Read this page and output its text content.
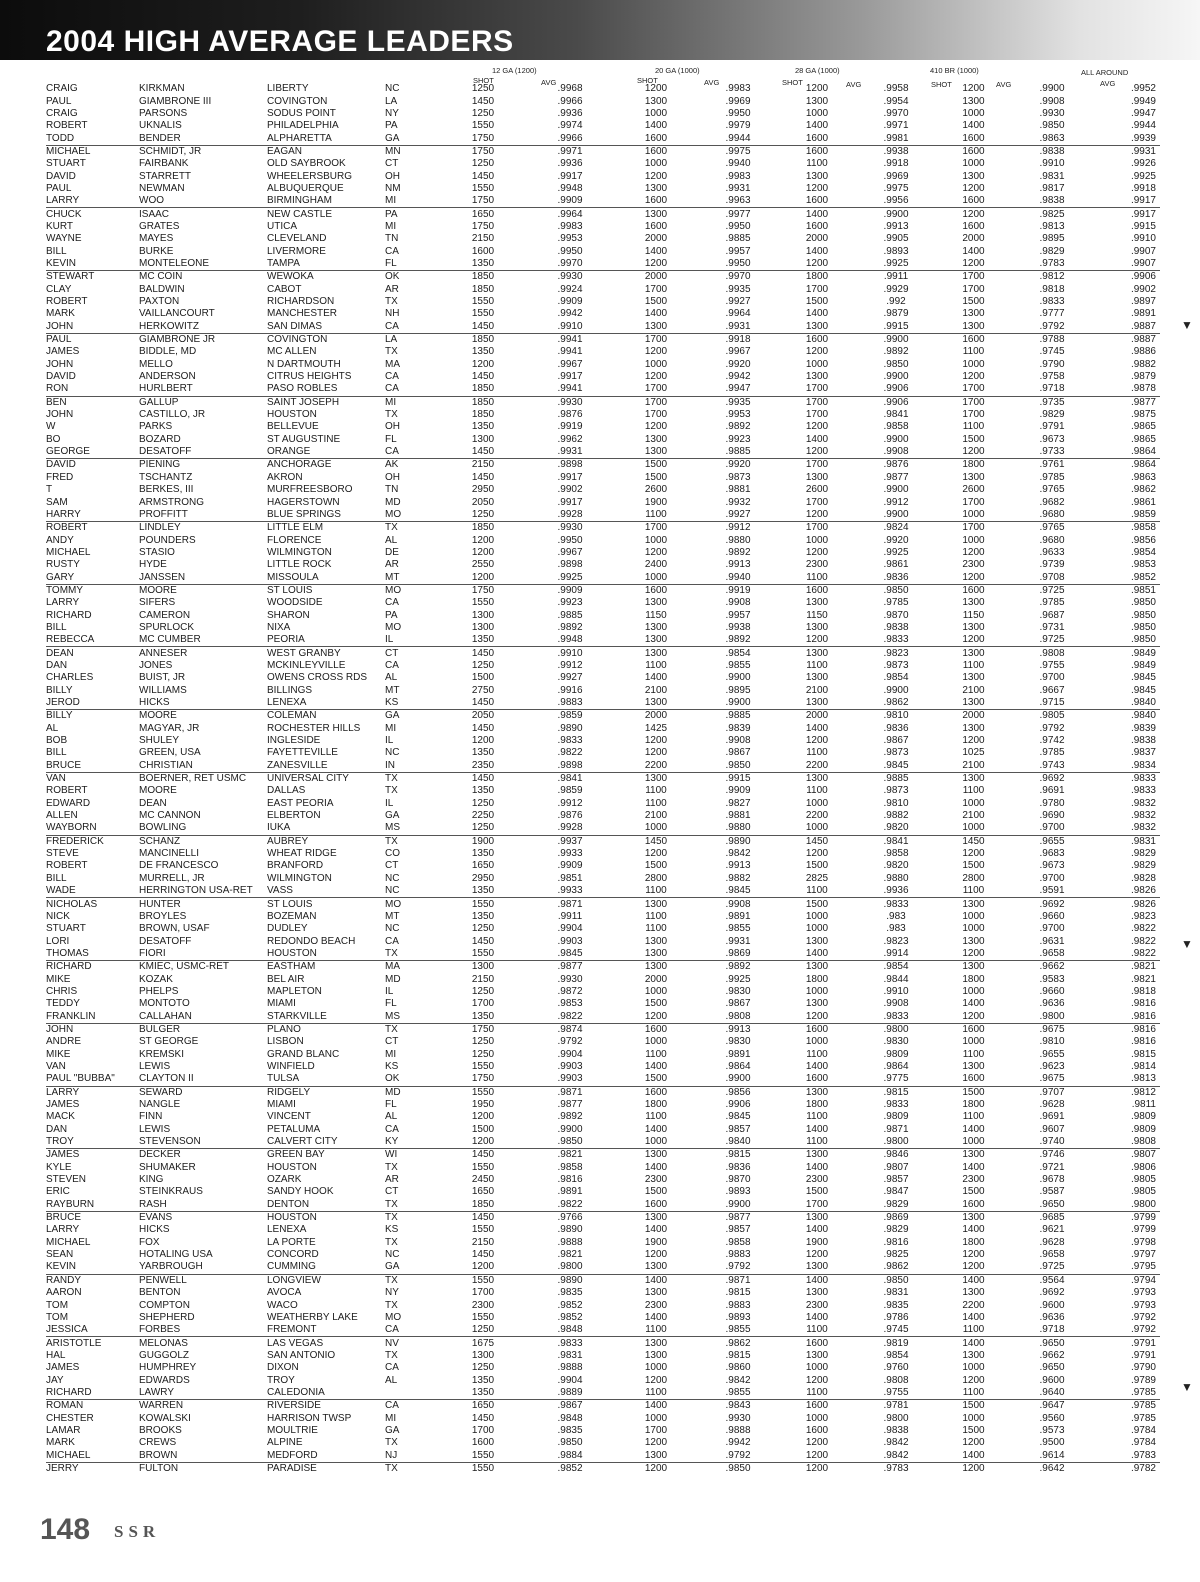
2004 HIGH AVERAGE LEADERS
12 GA (1200)	20 GA (1000)	28 GA (1000)	410 BR (1000)	ALL AROUND
SHOT	AVG	SHOT	AVG	SHOT	AVG	SHOT	AVG	AVG
CRAIG	KIRKMAN	LIBERTY	NC	1250	.9968	1200	.9983	1200	.9958	1200	.9900	.9952
PAUL	GIAMBRONE III	COVINGTON	LA	1450	.9966	1300	.9969	1300	.9954	1300	.9908	.9949
CRAIG	PARSONS	SODUS POINT	NY	1250	.9936	1000	.9950	1000	.9970	1000	.9930	.9947
ROBERT	UKNALIS	PHILADELPHIA	PA	1550	.9974	1400	.9979	1400	.9971	1400	.9850	.9944
TODD	BENDER	ALPHARETTA	GA	1750	.9966	1600	.9944	1600	.9981	1600	.9863	.9939
MICHAEL	SCHMIDT, JR	EAGAN	MN	1750	.9971	1600	.9975	1600	.9938	1600	.9838	.9931
STUART	FAIRBANK	OLD SAYBROOK	CT	1250	.9936	1000	.9940	1100	.9918	1000	.9910	.9926
DAVID	STARRETT	WHEELERSBURG	OH	1450	.9917	1200	.9983	1300	.9969	1300	.9831	.9925
PAUL	NEWMAN	ALBUQUERQUE	NM	1550	.9948	1300	.9931	1200	.9975	1200	.9817	.9918
LARRY	WOO	BIRMINGHAM	MI	1750	.9909	1600	.9963	1600	.9956	1600	.9838	.9917
CHUCK	ISAAC	NEW CASTLE	PA	1650	.9964	1300	.9977	1400	.9900	1200	.9825	.9917
KURT	GRATES	UTICA	MI	1750	.9983	1600	.9950	1600	.9913	1600	.9813	.9915
WAYNE	MAYES	CLEVELAND	TN	2150	.9953	2000	.9885	2000	.9905	2000	.9895	.9910
BILL	BURKE	LIVERMORE	CA	1600	.9950	1400	.9957	1400	.9893	1400	.9829	.9907
KEVIN	MONTELEONE	TAMPA	FL	1350	.9970	1200	.9950	1200	.9925	1200	.9783	.9907
STEWART	MC COIN	WEWOKA	OK	1850	.9930	2000	.9970	1800	.9911	1700	.9812	.9906
CLAY	BALDWIN	CABOT	AR	1850	.9924	1700	.9935	1700	.9929	1700	.9818	.9902
ROBERT	PAXTON	RICHARDSON	TX	1550	.9909	1500	.9927	1500	.992	1500	.9833	.9897
MARK	VAILLANCOURT	MANCHESTER	NH	1550	.9942	1400	.9964	1400	.9879	1300	.9777	.9891
JOHN	HERKOWITZ	SAN DIMAS	CA	1450	.9910	1300	.9931	1300	.9915	1300	.9792	.9887
PAUL	GIAMBRONE JR	COVINGTON	LA	1850	.9941	1700	.9918	1600	.9900	1600	.9788	.9887
JAMES	BIDDLE, MD	MC ALLEN	TX	1350	.9941	1200	.9967	1200	.9892	1100	.9745	.9886
JOHN	MELLO	N DARTMOUTH	MA	1200	.9967	1000	.9920	1000	.9850	1000	.9790	.9882
DAVID	ANDERSON	CITRUS HEIGHTS	CA	1450	.9917	1200	.9942	1300	.9900	1200	.9758	.9879
RON	HURLBERT	PASO ROBLES	CA	1850	.9941	1700	.9947	1700	.9906	1700	.9718	.9878
BEN	GALLUP	SAINT JOSEPH	MI	1850	.9930	1700	.9935	1700	.9906	1700	.9735	.9877
JOHN	CASTILLO, JR	HOUSTON	TX	1850	.9876	1700	.9953	1700	.9841	1700	.9829	.9875
W	PARKS	BELLEVUE	OH	1350	.9919	1200	.9892	1200	.9858	1100	.9791	.9865
BO	BOZARD	ST AUGUSTINE	FL	1300	.9962	1300	.9923	1400	.9900	1500	.9673	.9865
GEORGE	DESATOFF	ORANGE	CA	1450	.9931	1300	.9885	1200	.9908	1200	.9733	.9864
DAVID	PIENING	ANCHORAGE	AK	2150	.9898	1500	.9920	1700	.9876	1800	.9761	.9864
FRED	TSCHANTZ	AKRON	OH	1450	.9917	1500	.9873	1300	.9877	1300	.9785	.9863
T	BERKES, III	MURFREESBORO	TN	2950	.9902	2600	.9881	2600	.9900	2600	.9765	.9862
SAM	ARMSTRONG	HAGERSTOWN	MD	2050	.9917	1900	.9932	1700	.9912	1700	.9682	.9861
HARRY	PROFFITT	BLUE SPRINGS	MO	1250	.9928	1100	.9927	1200	.9900	1000	.9680	.9859
ROBERT	LINDLEY	LITTLE ELM	TX	1850	.9930	1700	.9912	1700	.9824	1700	.9765	.9858
ANDY	POUNDERS	FLORENCE	AL	1200	.9950	1000	.9880	1000	.9920	1000	.9680	.9856
MICHAEL	STASIO	WILMINGTON	DE	1200	.9967	1200	.9892	1200	.9925	1200	.9633	.9854
RUSTY	HYDE	LITTLE ROCK	AR	2550	.9898	2400	.9913	2300	.9861	2300	.9739	.9853
GARY	JANSSEN	MISSOULA	MT	1200	.9925	1000	.9940	1100	.9836	1200	.9708	.9852
TOMMY	MOORE	ST LOUIS	MO	1750	.9909	1600	.9919	1600	.9850	1600	.9725	.9851
LARRY	SIFERS	WOODSIDE	CA	1550	.9923	1300	.9908	1300	.9785	1300	.9785	.9850
RICHARD	CAMERON	SHARON	PA	1300	.9885	1150	.9957	1150	.9870	1150	.9687	.9850
BILL	SPURLOCK	NIXA	MO	1300	.9892	1300	.9938	1300	.9838	1300	.9731	.9850
REBECCA	MC CUMBER	PEORIA	IL	1350	.9948	1300	.9892	1200	.9833	1200	.9725	.9850
DEAN	ANNESER	WEST GRANBY	CT	1450	.9910	1300	.9854	1300	.9823	1300	.9808	.9849
DAN	JONES	MCKINLEYVILLE	CA	1250	.9912	1100	.9855	1100	.9873	1100	.9755	.9849
CHARLES	BUIST, JR	OWENS CROSS RDS	AL	1500	.9927	1400	.9900	1300	.9854	1300	.9700	.9845
BILLY	WILLIAMS	BILLINGS	MT	2750	.9916	2100	.9895	2100	.9900	2100	.9667	.9845
JEROD	HICKS	LENEXA	KS	1450	.9883	1300	.9900	1300	.9862	1300	.9715	.9840
BILLY	MOORE	COLEMAN	GA	2050	.9859	2000	.9885	2000	.9810	2000	.9805	.9840
AL	MAGYAR, JR	ROCHESTER HILLS	MI	1450	.9890	1425	.9839	1400	.9836	1300	.9792	.9839
BOB	SHULEY	INGLESIDE	IL	1200	.9833	1200	.9908	1200	.9867	1200	.9742	.9838
BILL	GREEN, USA	FAYETTEVILLE	NC	1350	.9822	1200	.9867	1100	.9873	1025	.9785	.9837
BRUCE	CHRISTIAN	ZANESVILLE	IN	2350	.9898	2200	.9850	2200	.9845	2100	.9743	.9834
VAN	BOERNER, RET USMC	UNIVERSAL CITY	TX	1450	.9841	1300	.9915	1300	.9885	1300	.9692	.9833
ROBERT	MOORE	DALLAS	TX	1350	.9859	1100	.9909	1100	.9873	1100	.9691	.9833
EDWARD	DEAN	EAST PEORIA	IL	1250	.9912	1100	.9827	1000	.9810	1000	.9780	.9832
ALLEN	MC CANNON	ELBERTON	GA	2250	.9876	2100	.9881	2200	.9882	2100	.9690	.9832
WAYBORN	BOWLING	IUKA	MS	1250	.9928	1000	.9880	1000	.9820	1000	.9700	.9832
FREDERICK	SCHANZ	AUBREY	TX	1900	.9937	1450	.9890	1450	.9841	1450	.9655	.9831
STEVE	MANCINELLI	WHEAT RIDGE	CO	1350	.9933	1200	.9842	1200	.9858	1200	.9683	.9829
ROBERT	DE FRANCESCO	BRANFORD	CT	1650	.9909	1500	.9913	1500	.9820	1500	.9673	.9829
BILL	MURRELL, JR	WILMINGTON	NC	2950	.9851	2800	.9882	2825	.9880	2800	.9700	.9828
WADE	HERRINGTON USA-RET	VASS	NC	1350	.9933	1100	.9845	1100	.9936	1100	.9591	.9826
NICHOLAS	HUNTER	ST LOUIS	MO	1550	.9871	1300	.9908	1500	.9833	1300	.9692	.9826
NICK	BROYLES	BOZEMAN	MT	1350	.9911	1100	.9891	1000	.983	1000	.9660	.9823
STUART	BROWN, USAF	DUDLEY	NC	1250	.9904	1100	.9855	1000	.983	1000	.9700	.9822
LORI	DESATOFF	REDONDO BEACH	CA	1450	.9903	1300	.9931	1300	.9823	1300	.9631	.9822
THOMAS	FIORI	HOUSTON	TX	1550	.9845	1300	.9869	1400	.9914	1200	.9658	.9822
RICHARD	KMIEC, USMC-RET	EASTHAM	MA	1300	.9877	1300	.9892	1300	.9854	1300	.9662	.9821
MIKE	KOZAK	BEL AIR	MD	2150	.9930	2000	.9925	1800	.9844	1800	.9583	.9821
CHRIS	PHELPS	MAPLETON	IL	1250	.9872	1000	.9830	1000	.9910	1000	.9660	.9818
TEDDY	MONTOTO	MIAMI	FL	1700	.9853	1500	.9867	1300	.9908	1400	.9636	.9816
FRANKLIN	CALLAHAN	STARKVILLE	MS	1350	.9822	1200	.9808	1200	.9833	1200	.9800	.9816
JOHN	BULGER	PLANO	TX	1750	.9874	1600	.9913	1600	.9800	1600	.9675	.9816
ANDRE	ST GEORGE	LISBON	CT	1250	.9792	1000	.9830	1000	.9830	1000	.9810	.9816
MIKE	KREMSKI	GRAND BLANC	MI	1250	.9904	1100	.9891	1100	.9809	1100	.9655	.9815
VAN	LEWIS	WINFIELD	KS	1550	.9903	1400	.9864	1400	.9864	1300	.9623	.9814
PAUL "BUBBA"	CLAYTON II	TULSA	OK	1750	.9903	1500	.9900	1600	.9775	1600	.9675	.9813
LARRY	SEWARD	RIDGELY	MD	1550	.9871	1600	.9856	1300	.9815	1500	.9707	.9812
JAMES	NANGLE	MIAMI	FL	1950	.9877	1800	.9906	1800	.9833	1800	.9628	.9811
MACK	FINN	VINCENT	AL	1200	.9892	1100	.9845	1100	.9809	1100	.9691	.9809
DAN	LEWIS	PETALUMA	CA	1500	.9900	1400	.9857	1400	.9871	1400	.9607	.9809
TROY	STEVENSON	CALVERT CITY	KY	1200	.9850	1000	.9840	1100	.9800	1000	.9740	.9808
JAMES	DECKER	GREEN BAY	WI	1450	.9821	1300	.9815	1300	.9846	1300	.9746	.9807
KYLE	SHUMAKER	HOUSTON	TX	1550	.9858	1400	.9836	1400	.9807	1400	.9721	.9806
STEVEN	KING	OZARK	AR	2450	.9816	2300	.9870	2300	.9857	2300	.9678	.9805
ERIC	STEINKRAUS	SANDY HOOK	CT	1650	.9891	1500	.9893	1500	.9847	1500	.9587	.9805
RAYBURN	RASH	DENTON	TX	1850	.9822	1600	.9900	1700	.9829	1600	.9650	.9800
BRUCE	EVANS	HOUSTON	TX	1450	.9766	1300	.9877	1300	.9869	1300	.9685	.9799
LARRY	HICKS	LENEXA	KS	1550	.9890	1400	.9857	1400	.9829	1400	.9621	.9799
MICHAEL	FOX	LA PORTE	TX	2150	.9888	1900	.9858	1900	.9816	1800	.9628	.9798
SEAN	HOTALING USA	CONCORD	NC	1450	.9821	1200	.9883	1200	.9825	1200	.9658	.9797
KEVIN	YARBROUGH	CUMMING	GA	1200	.9800	1300	.9792	1300	.9862	1200	.9725	.9795
RANDY	PENWELL	LONGVIEW	TX	1550	.9890	1400	.9871	1400	.9850	1400	.9564	.9794
AARON	BENTON	AVOCA	NY	1700	.9835	1300	.9815	1300	.9831	1300	.9692	.9793
TOM	COMPTON	WACO	TX	2300	.9852	2300	.9883	2300	.9835	2200	.9600	.9793
TOM	SHEPHERD	WEATHERBY LAKE	MO	1550	.9852	1400	.9893	1400	.9786	1400	.9636	.9792
JESSICA	FORBES	FREMONT	CA	1250	.9848	1100	.9855	1100	.9745	1100	.9718	.9792
ARISTOTLE	MELONAS	LAS VEGAS	NV	1675	.9833	1300	.9862	1600	.9819	1400	.9650	.9791
HAL	GUGGOLZ	SAN ANTONIO	TX	1300	.9831	1300	.9815	1300	.9854	1300	.9662	.9791
JAMES	HUMPHREY	DIXON	CA	1250	.9888	1000	.9860	1000	.9760	1000	.9650	.9790
JAY	EDWARDS	TROY	AL	1350	.9904	1200	.9842	1200	.9808	1200	.9600	.9789
RICHARD	LAWRY	CALEDONIA		1350	.9889	1100	.9855	1100	.9755	1100	.9640	.9785
ROMAN	WARREN	RIVERSIDE	CA	1650	.9867	1400	.9843	1600	.9781	1500	.9647	.9785
CHESTER	KOWALSKI	HARRISON TWSP	MI	1450	.9848	1000	.9930	1000	.9800	1000	.9560	.9785
LAMAR	BROOKS	MOULTRIE	GA	1700	.9835	1700	.9888	1600	.9838	1500	.9573	.9784
MARK	CREWS	ALPINE	TX	1600	.9850	1200	.9942	1200	.9842	1200	.9500	.9784
MICHAEL	BROWN	MEDFORD	NJ	1550	.9884	1300	.9792	1200	.9842	1400	.9614	.9783
JERRY	FULTON	PARADISE	TX	1550	.9852	1200	.9850	1200	.9783	1200	.9642	.9782
▼
▼
▼
148 SSR
